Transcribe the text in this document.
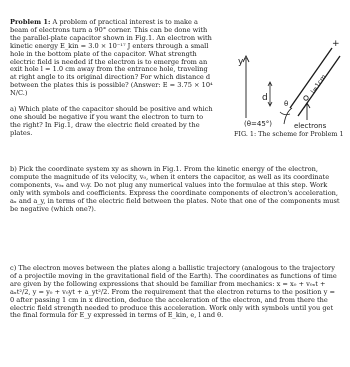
Problem 1: A problem of practical interest is to make a beam of electrons turn a 90° corner. This can be done with the parallel-plate capacitor shown in Fig.1. An electron with kinetic energy E_kin = 3.0 × 10⁻¹⁷ J enters through a small hole in the bottom plate of the capacitor. What strength electric field is needed if the electron is to emerge from an exit hole l = 1.0 cm away from the entrance hole, traveling at right angle to its original direction? For which distance d between the plates this is possible? (Answer: E = 3.75 × 10⁴ N/C.)
a) Which plate of the capacitor should be positive and which one should be negative if you want the electron to turn to the right? In Fig.1, draw the electric field created by the plates.
y
+
d
θ
l=1cm
(θ=45°)	electrons
FIG. 1: The scheme for Problem 1
b) Pick the coordinate system xy as shown in Fig.1. From the kinetic energy of the electron, compute the magnitude of its velocity, v₀, when it enters the capacitor, as well as its coordinate components, v₀ₓ and v₀y. Do not plug any numerical values into the formulae at this step. Work only with symbols and coefficients. Express the coordinate components of electron's acceleration, aₓ and a_y, in terms of the electric field between the plates. Note that one of the components must be negative (which one?).
c) The electron moves between the plates along a ballistic trajectory (analogous to the trajectory of a projectile moving in the gravitational field of the Earth). The coordinates as functions of time are given by the following expressions that should be familiar from mechanics: x = x₀ + v₀ₓt + aₓt²/2, y = y₀ + v₀yt + a_yt²/2. From the requirement that the electron returns to the position y = 0 after passing 1 cm in x direction, deduce the acceleration of the electron, and from there the electric field strength needed to produce this acceleration. Work only with symbols until you get the final formula for E_y expressed in terms of E_kin, e, l and θ.
